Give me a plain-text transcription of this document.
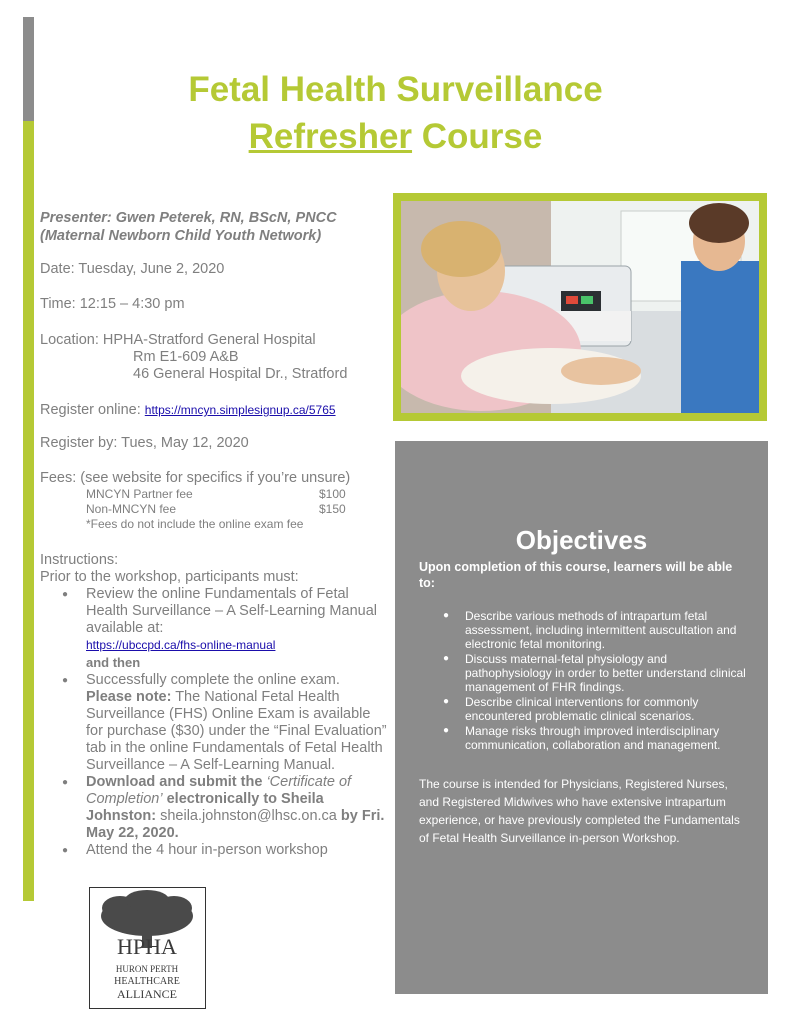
Fetal Health Surveillance
Refresher Course
Presenter: Gwen Peterek, RN, BScN, PNCC
(Maternal Newborn Child Youth Network)
Date: Tuesday, June 2, 2020
Time: 12:15 – 4:30 pm
Location: HPHA-Stratford General Hospital
Rm E1-609 A&B
46 General Hospital Dr., Stratford
Register online: https://mncyn.simplesignup.ca/5765
Register by: Tues, May 12, 2020
Fees: (see website for specifics if you’re unsure)
MNCYN Partner fee	$100
Non-MNCYN fee	$150
*Fees do not include the online exam fee
Instructions:
Prior to the workshop, participants must:
● Review the online Fundamentals of Fetal Health Surveillance – A Self-Learning Manual available at:
https://ubccpd.ca/fhs-online-manual
and then
● Successfully complete the online exam.
Please note: The National Fetal Health Surveillance (FHS) Online Exam is available for purchase ($30) under the “Final Evaluation” tab in the online Fundamentals of Fetal Health Surveillance – A Self-Learning Manual.
● Download and submit the ‘Certificate of Completion’ electronically to Sheila Johnston: sheila.johnston@lhsc.on.ca by Fri. May 22, 2020.
● Attend the 4 hour in-person workshop
Objectives
Upon completion of this course, learners will be able to:
● Describe various methods of intrapartum fetal assessment, including intermittent auscultation and electronic fetal monitoring.
● Discuss maternal-fetal physiology and pathophysiology in order to better understand clinical management of FHR findings.
● Describe clinical interventions for commonly encountered problematic clinical scenarios.
● Manage risks through improved interdisciplinary communication, collaboration and management.
The course is intended for Physicians, Registered Nurses, and Registered Midwives who have extensive intrapartum experience, or have previously completed the Fundamentals of Fetal Health Surveillance in-person Workshop.
HPHA
HURON PERTH
HEALTHCARE
ALLIANCE
